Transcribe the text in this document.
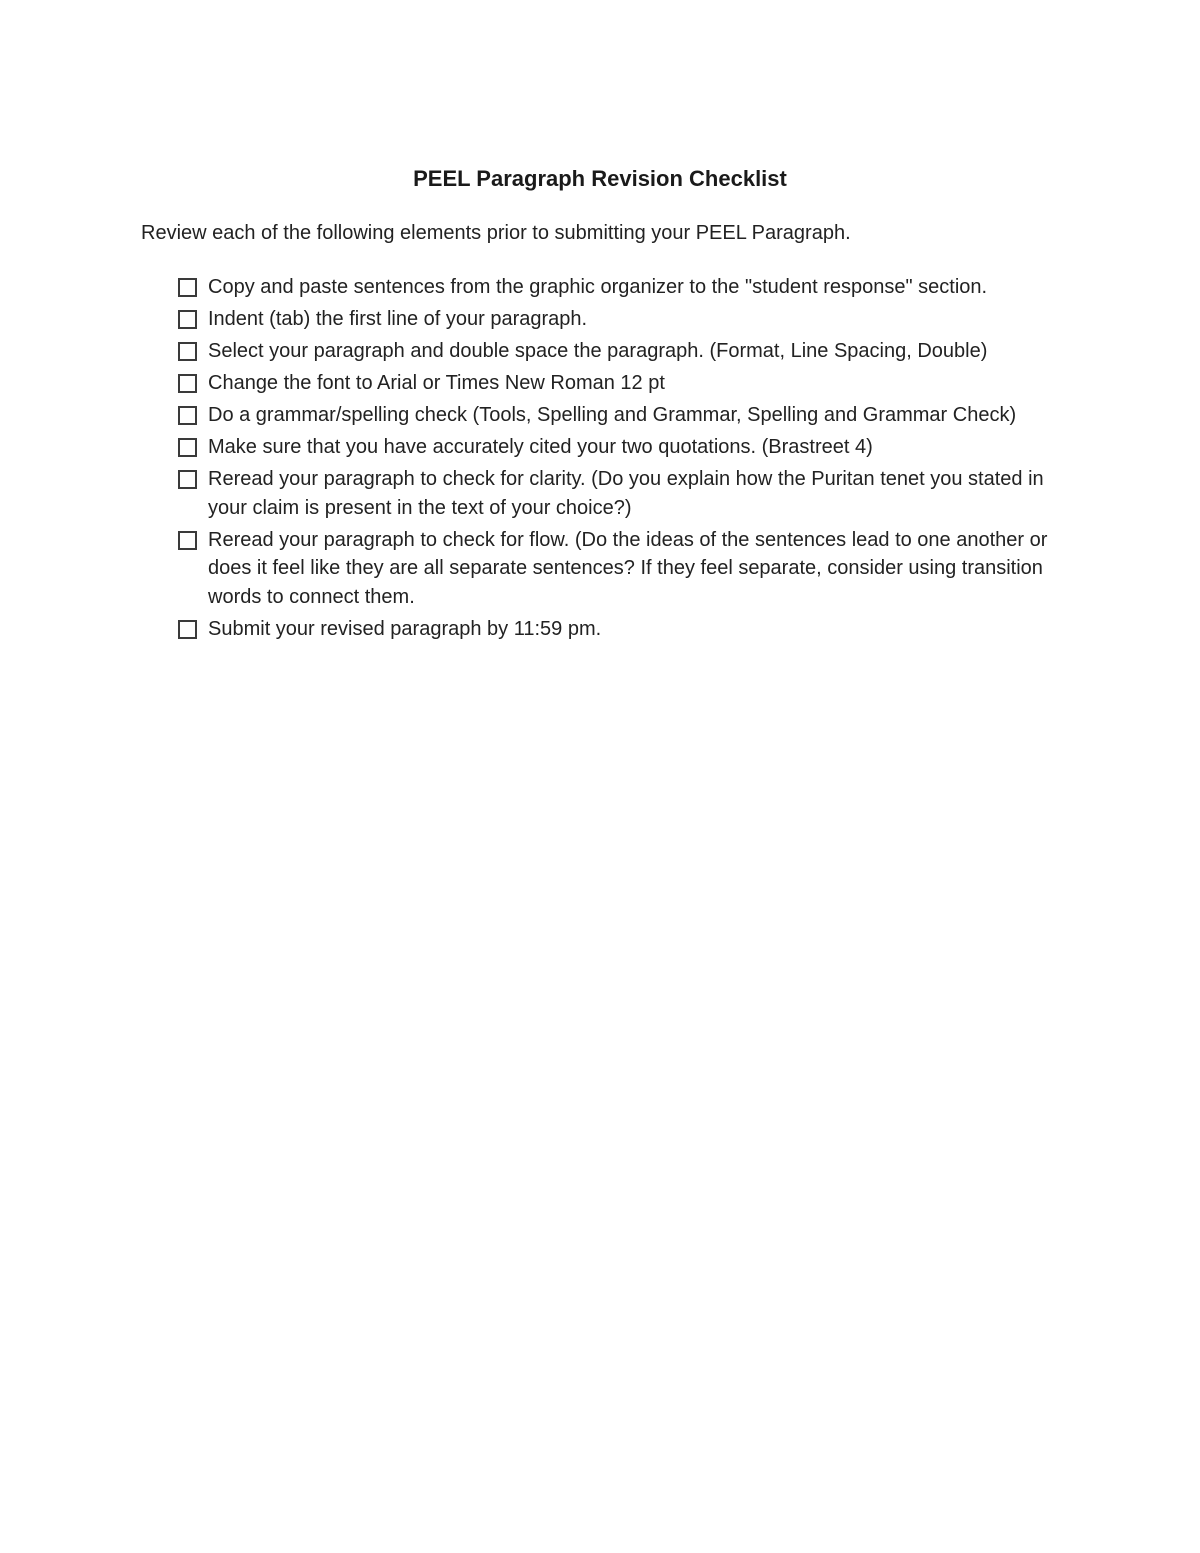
PEEL Paragraph Revision Checklist
Review each of the following elements prior to submitting your PEEL Paragraph.
Copy and paste sentences from the graphic organizer to the "student response" section.
Indent (tab) the first line of your paragraph.
Select your paragraph and double space the paragraph. (Format, Line Spacing, Double)
Change the font to Arial or Times New Roman 12 pt
Do a grammar/spelling check (Tools, Spelling and Grammar, Spelling and Grammar Check)
Make sure that you have accurately cited your two quotations. (Brastreet 4)
Reread your paragraph to check for clarity. (Do you explain how the Puritan tenet you stated in your claim is present in the text of your choice?)
Reread your paragraph to check for flow. (Do the ideas of the sentences lead to one another or does it feel like they are all separate sentences? If they feel separate, consider using transition words to connect them.
Submit your revised paragraph by 11:59 pm.
